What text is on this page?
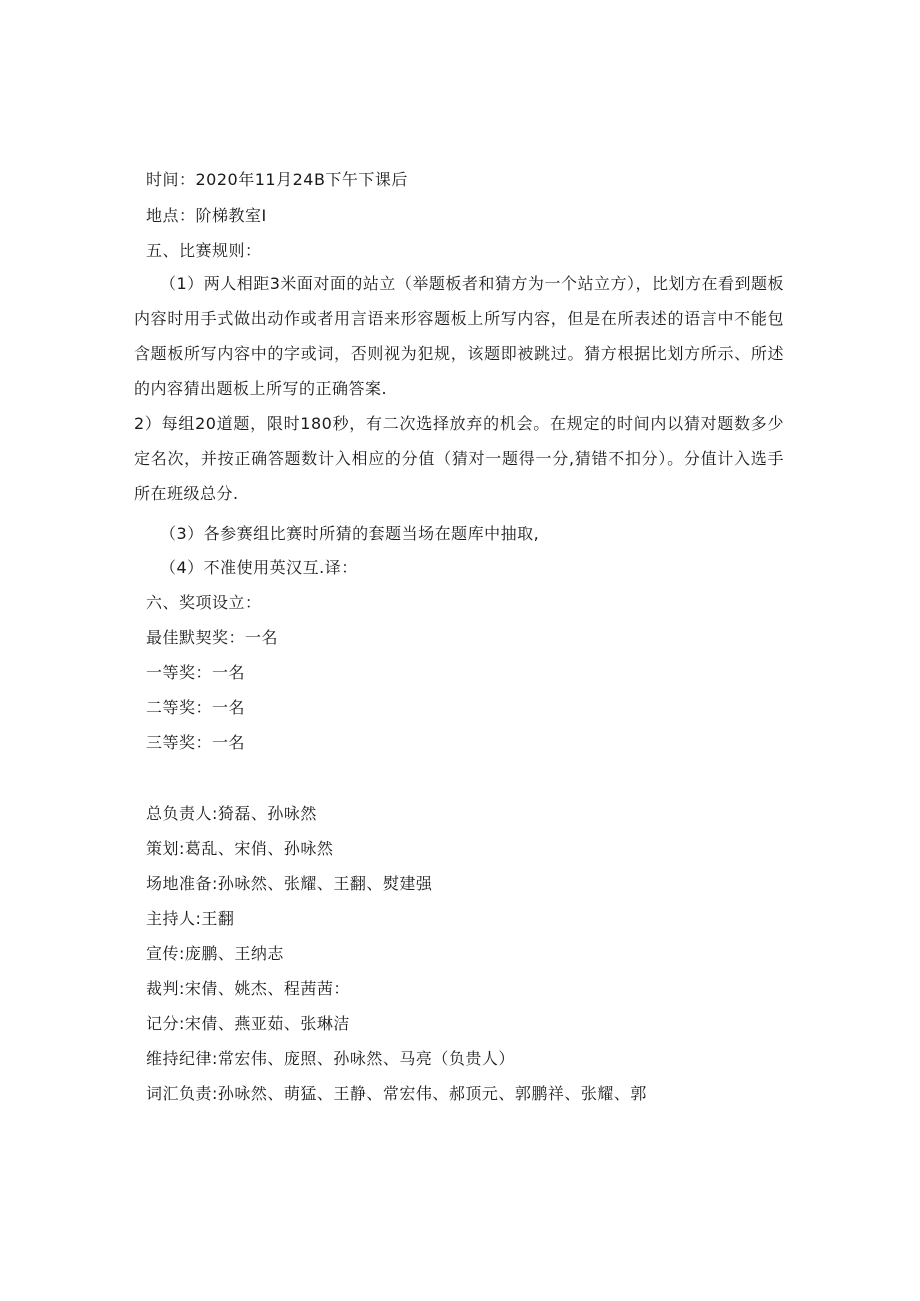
时间：2020年11月24B下午下课后
地点：阶梯教室I
五、比赛规则：
（1）两人相距3米面对面的站立（举题板者和猜方为一个站立方），比划方在看到题板内容时用手式做出动作或者用言语来形容题板上所写内容，但是在所表述的语言中不能包含题板所写内容中的字或词，否则视为犯规，该题即被跳过。猜方根据比划方所示、所述的内容猜出题板上所写的正确答案.
2）每组20道题，限时180秒，有二次选择放弃的机会。在规定的时间内以猜对题数多少定名次，并按正确答题数计入相应的分值（猜对一题得一分,猜错不扣分）。分值计入选手所在班级总分.
（3）各参赛组比赛时所猜的套题当场在题库中抽取,
（4）不准使用英汉互.译：
六、奖项设立：
最佳默契奖：一名
一等奖：一名
二等奖：一名
三等奖：一名
总负责人:猗磊、孙咏然
策划:葛乱、宋俏、孙咏然
场地准备:孙咏然、张耀、王翻、熨建强
主持人:王翻
宣传:庞鹏、王纳志
裁判:宋倩、姚杰、程茜茜：
记分:宋倩、燕亚茹、张琳洁
维持纪律:常宏伟、庞照、孙咏然、马亮（负贵人）
词汇负责:孙咏然、萌猛、王静、常宏伟、郝顶元、郭鹏祥、张耀、郭
